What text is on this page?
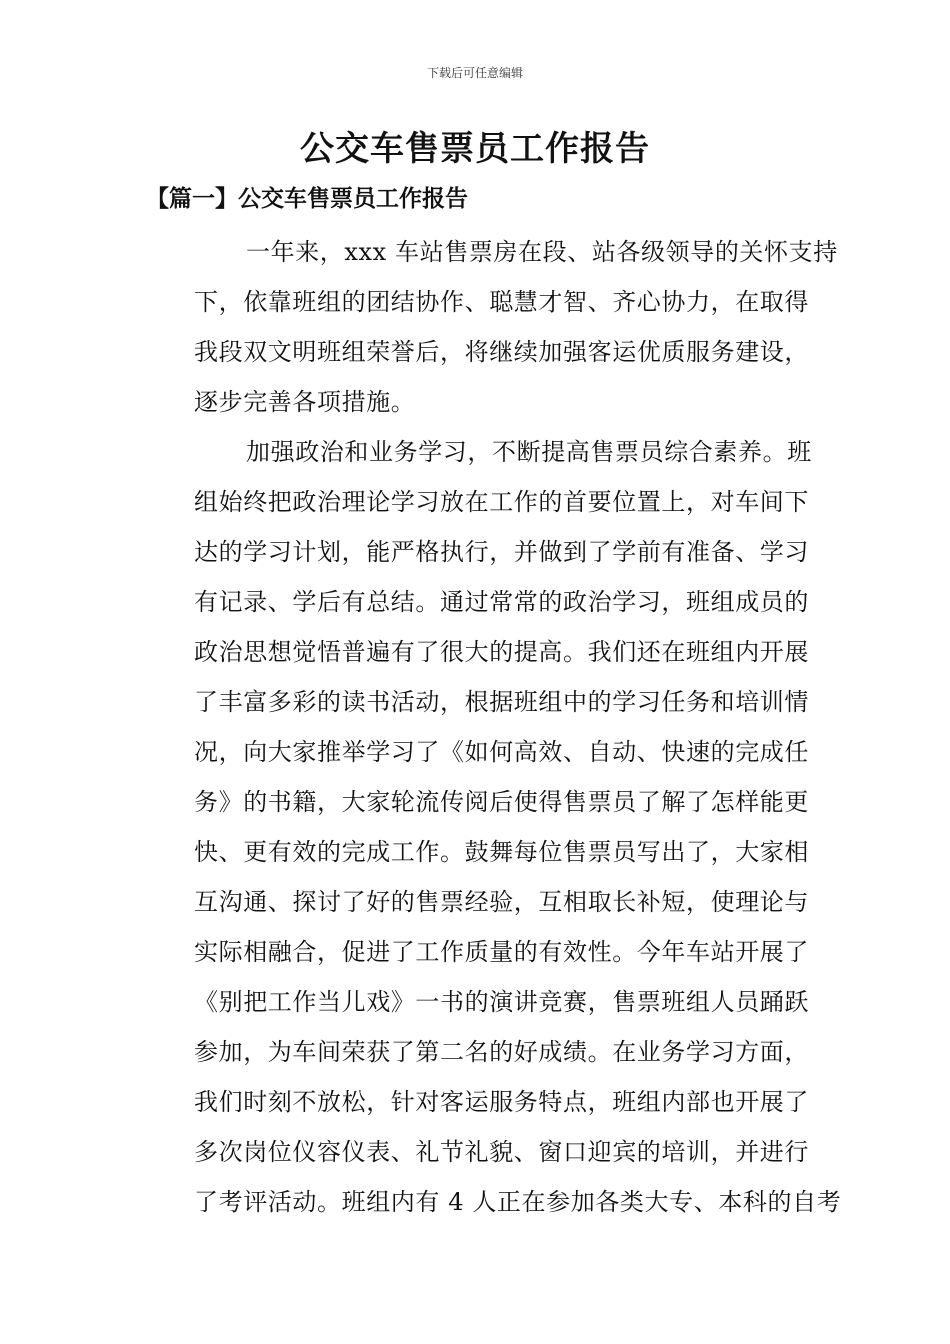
下载后可任意编辑
公交车售票员工作报告
【篇一】公交车售票员工作报告
一年来，xxx 车站售票房在段、站各级领导的关怀支持
下，依靠班组的团结协作、聪慧才智、齐心协力，在取得
我段双文明班组荣誉后，将继续加强客运优质服务建设，
逐步完善各项措施。
加强政治和业务学习，不断提高售票员综合素养。班
组始终把政治理论学习放在工作的首要位置上，对车间下
达的学习计划，能严格执行，并做到了学前有准备、学习
有记录、学后有总结。通过常常的政治学习，班组成员的
政治思想觉悟普遍有了很大的提高。我们还在班组内开展
了丰富多彩的读书活动，根据班组中的学习任务和培训情
况，向大家推举学习了《如何高效、自动、快速的完成任
务》的书籍，大家轮流传阅后使得售票员了解了怎样能更
快、更有效的完成工作。鼓舞每位售票员写出了，大家相
互沟通、探讨了好的售票经验，互相取长补短，使理论与
实际相融合，促进了工作质量的有效性。今年车站开展了
《别把工作当儿戏》一书的演讲竞赛，售票班组人员踊跃
参加，为车间荣获了第二名的好成绩。在业务学习方面，
我们时刻不放松，针对客运服务特点，班组内部也开展了
多次岗位仪容仪表、礼节礼貌、窗口迎宾的培训，并进行
了考评活动。班组内有 4 人正在参加各类大专、本科的自考
